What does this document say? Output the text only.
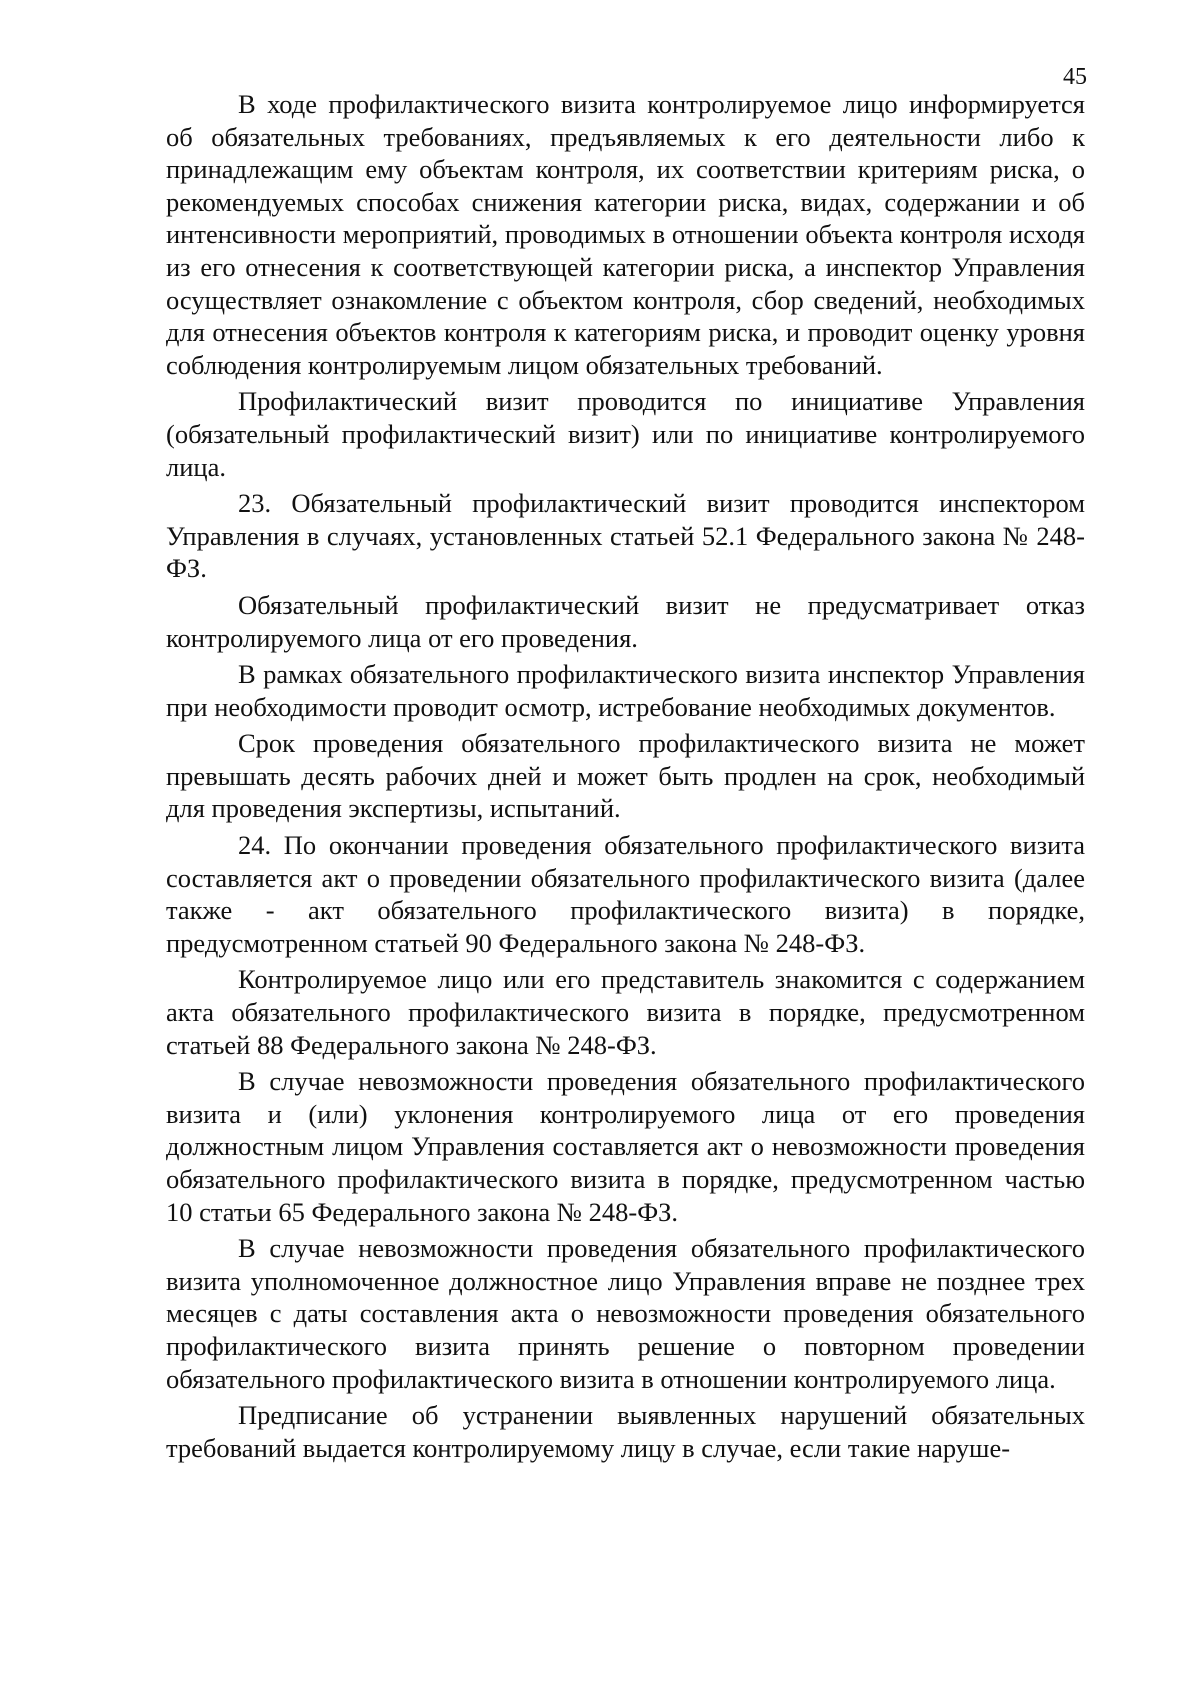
45

В ходе профилактического визита контролируемое лицо информируется об обязательных требованиях, предъявляемых к его деятельности либо к принадлежащим ему объектам контроля, их соответствии критериям риска, о рекомендуемых способах снижения категории риска, видах, содержании и об интенсивности мероприятий, проводимых в отношении объекта контроля исходя из его отнесения к соответствующей категории риска, а инспектор Управления осуществляет ознакомление с объектом контроля, сбор сведений, необходимых для отнесения объектов контроля к категориям риска, и проводит оценку уровня соблюдения контролируемым лицом обязательных требований.

Профилактический визит проводится по инициативе Управления (обязательный профилактический визит) или по инициативе контролируемого лица.

23. Обязательный профилактический визит проводится инспектором Управления в случаях, установленных статьей 52.1 Федерального закона № 248-ФЗ.

Обязательный профилактический визит не предусматривает отказ контролируемого лица от его проведения.

В рамках обязательного профилактического визита инспектор Управления при необходимости проводит осмотр, истребование необходимых документов.

Срок проведения обязательного профилактического визита не может превышать десять рабочих дней и может быть продлен на срок, необходимый для проведения экспертизы, испытаний.

24. По окончании проведения обязательного профилактического визита составляется акт о проведении обязательного профилактического визита (далее также - акт обязательного профилактического визита) в порядке, предусмотренном статьей 90 Федерального закона № 248-ФЗ.

Контролируемое лицо или его представитель знакомится с содержанием акта обязательного профилактического визита в порядке, предусмотренном статьей 88 Федерального закона № 248-ФЗ.

В случае невозможности проведения обязательного профилактического визита и (или) уклонения контролируемого лица от его проведения должностным лицом Управления составляется акт о невозможности проведения обязательного профилактического визита в порядке, предусмотренном частью 10 статьи 65 Федерального закона № 248-ФЗ.

В случае невозможности проведения обязательного профилактического визита уполномоченное должностное лицо Управления вправе не позднее трех месяцев с даты составления акта о невозможности проведения обязательного профилактического визита принять решение о повторном проведении обязательного профилактического визита в отношении контролируемого лица.

Предписание об устранении выявленных нарушений обязательных требований выдается контролируемому лицу в случае, если такие наруше-
